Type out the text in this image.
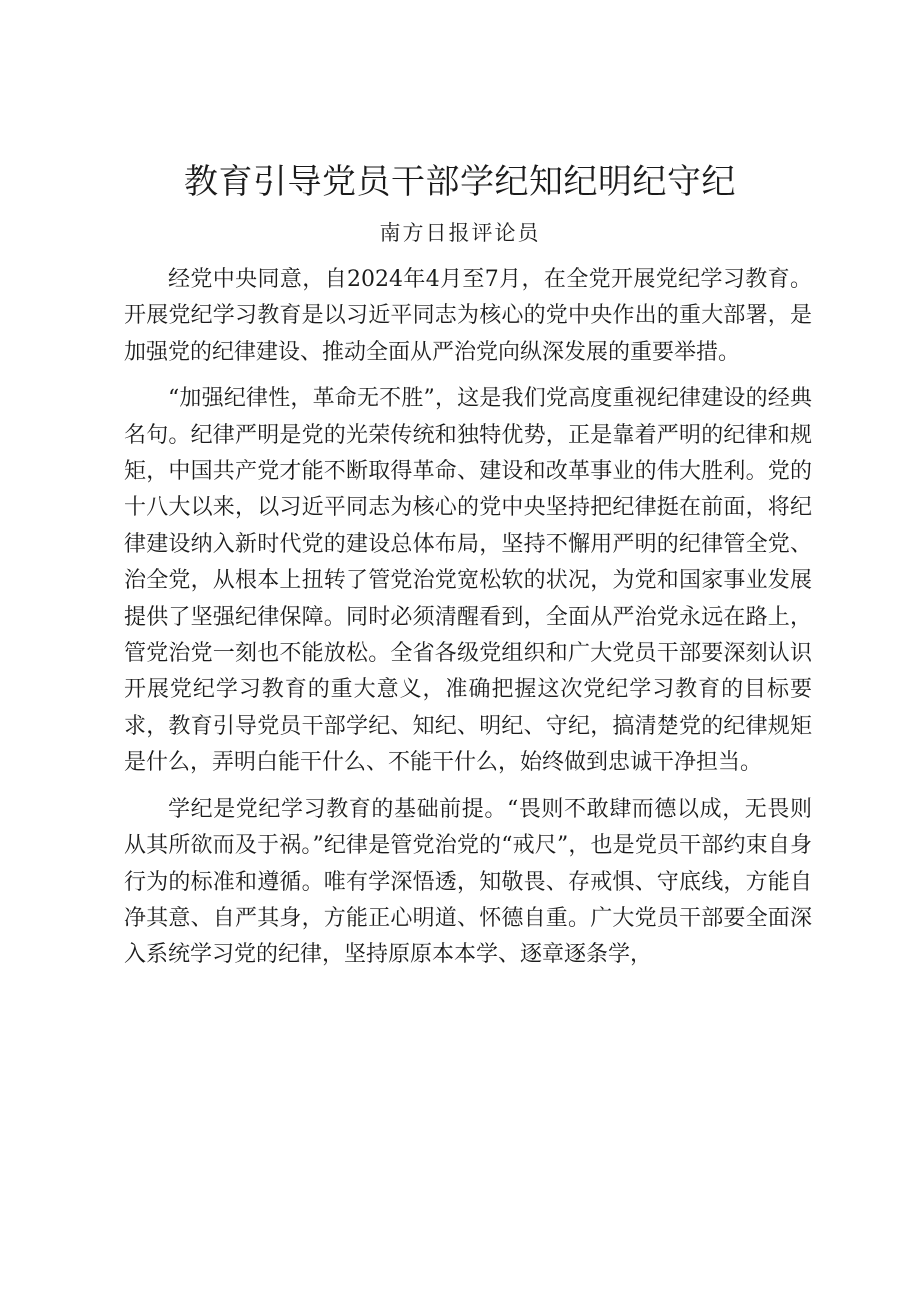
教育引导党员干部学纪知纪明纪守纪
南方日报评论员

经党中央同意，自2024年4月至7月，在全党开展党纪学习教育。开展党纪学习教育是以习近平同志为核心的党中央作出的重大部署，是加强党的纪律建设、推动全面从严治党向纵深发展的重要举措。

“加强纪律性，革命无不胜”，这是我们党高度重视纪律建设的经典名句。纪律严明是党的光荣传统和独特优势，正是靠着严明的纪律和规矩，中国共产党才能不断取得革命、建设和改革事业的伟大胜利。党的十八大以来，以习近平同志为核心的党中央坚持把纪律挺在前面，将纪律建设纳入新时代党的建设总体布局，坚持不懈用严明的纪律管全党、治全党，从根本上扭转了管党治党宽松软的状况，为党和国家事业发展提供了坚强纪律保障。同时必须清醒看到，全面从严治党永远在路上，管党治党一刻也不能放松。全省各级党组织和广大党员干部要深刻认识开展党纪学习教育的重大意义，准确把握这次党纪学习教育的目标要求，教育引导党员干部学纪、知纪、明纪、守纪，搞清楚党的纪律规矩是什么，弄明白能干什么、不能干什么，始终做到忠诚干净担当。

学纪是党纪学习教育的基础前提。“畏则不敢肆而德以成，无畏则从其所欲而及于祸。”纪律是管党治党的“戒尺”，也是党员干部约束自身行为的标准和遵循。唯有学深悟透，知敬畏、存戒惧、守底线，方能自净其意、自严其身，方能正心明道、怀德自重。广大党员干部要全面深入系统学习党的纪律，坚持原原本本学、逐章逐条学，
